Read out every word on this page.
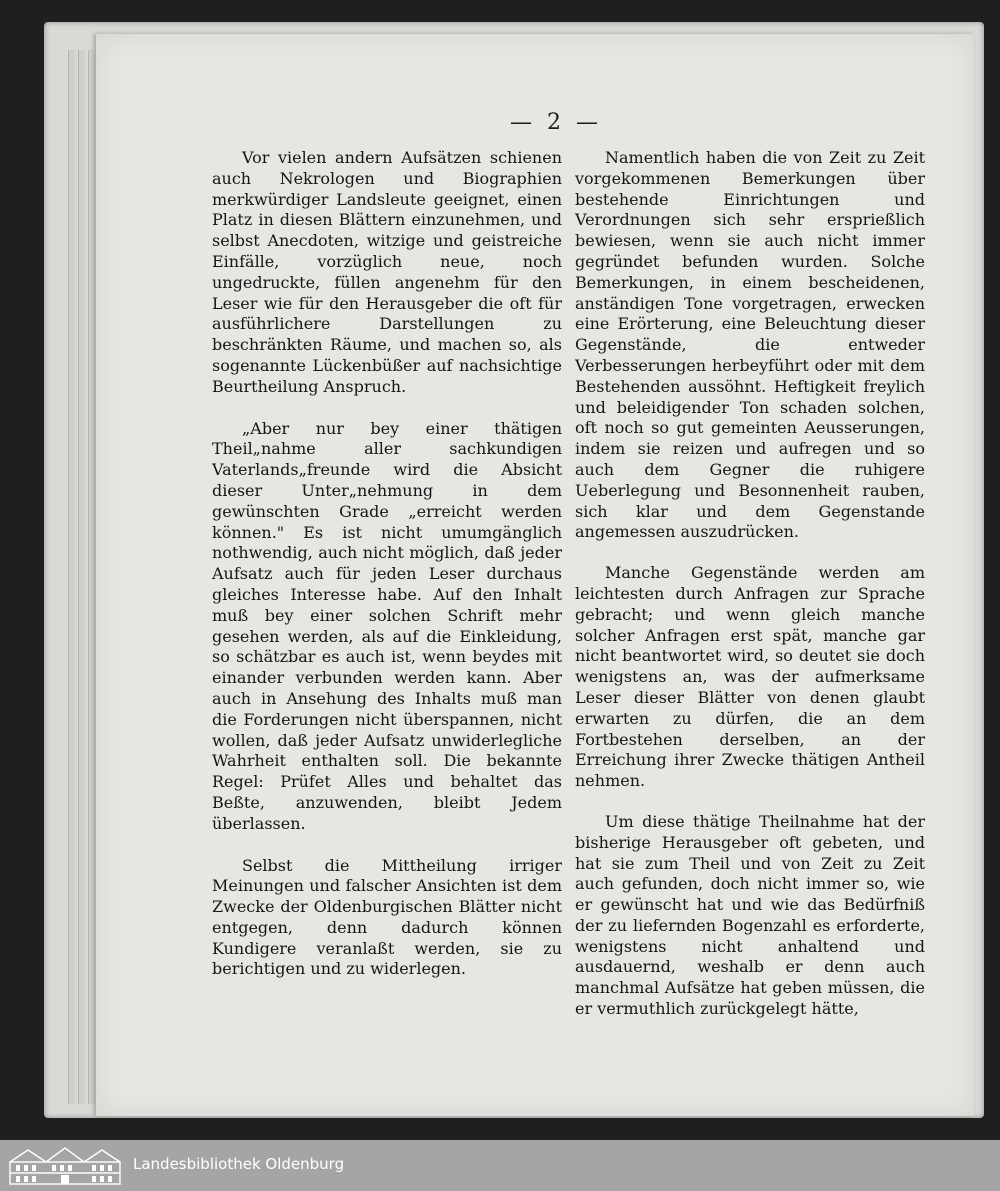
— 2 —

Vor vielen andern Aufsätzen schienen auch Nekrologen und Biographien merkwürdiger Landsleute geeignet, einen Platz in diesen Blättern einzunehmen, und selbst Anecdoten, witzige und geistreiche Einfälle, vorzüglich neue, noch ungedruckte, füllen angenehm für den Leser wie für den Herausgeber die oft für ausführlichere Darstellungen zu beschränkten Räume, und machen so, als sogenannte Lückenbüßer auf nachsichtige Beurtheilung Anspruch.

„Aber nur bey einer thätigen Theil„nahme aller sachkundigen Vaterlands„freunde wird die Absicht dieser Unter„nehmung in dem gewünschten Grade „erreicht werden können." Es ist nicht umumgänglich nothwendig, auch nicht möglich, daß jeder Aufsatz auch für jeden Leser durchaus gleiches Interesse habe. Auf den Inhalt muß bey einer solchen Schrift mehr gesehen werden, als auf die Einkleidung, so schätzbar es auch ist, wenn beydes mit einander verbunden werden kann. Aber auch in Ansehung des Inhalts muß man die Forderungen nicht überspannen, nicht wollen, daß jeder Aufsatz unwiderlegliche Wahrheit enthalten soll. Die bekannte Regel: Prüfet Alles und behaltet das Beßte, anzuwenden, bleibt Jedem überlassen.

Selbst die Mittheilung irriger Meinungen und falscher Ansichten ist dem Zwecke der Oldenburgischen Blätter nicht entgegen, denn dadurch können Kundigere veranlaßt werden, sie zu berichtigen und zu widerlegen.

Namentlich haben die von Zeit zu Zeit vorgekommenen Bemerkungen über bestehende Einrichtungen und Verordnungen sich sehr ersprießlich bewiesen, wenn sie auch nicht immer gegründet befunden wurden. Solche Bemerkungen, in einem bescheidenen, anständigen Tone vorgetragen, erwecken eine Erörterung, eine Beleuchtung dieser Gegenstände, die entweder Verbesserungen herbeyführt oder mit dem Bestehenden aussöhnt. Heftigkeit freylich und beleidigender Ton schaden solchen, oft noch so gut gemeinten Aeusserungen, indem sie reizen und aufregen und so auch dem Gegner die ruhigere Ueberlegung und Besonnenheit rauben, sich klar und dem Gegenstande angemessen auszudrücken.

Manche Gegenstände werden am leichtesten durch Anfragen zur Sprache gebracht; und wenn gleich manche solcher Anfragen erst spät, manche gar nicht beantwortet wird, so deutet sie doch wenigstens an, was der aufmerksame Leser dieser Blätter von denen glaubt erwarten zu dürfen, die an dem Fortbestehen derselben, an der Erreichung ihrer Zwecke thätigen Antheil nehmen.

Um diese thätige Theilnahme hat der bisherige Herausgeber oft gebeten, und hat sie zum Theil und von Zeit zu Zeit auch gefunden, doch nicht immer so, wie er gewünscht hat und wie das Bedürfniß der zu liefernden Bogenzahl es erforderte, wenigstens nicht anhaltend und ausdauernd, weshalb er denn auch manchmal Aufsätze hat geben müssen, die er vermuthlich zurückgelegt hätte,

Landesbibliothek Oldenburg
